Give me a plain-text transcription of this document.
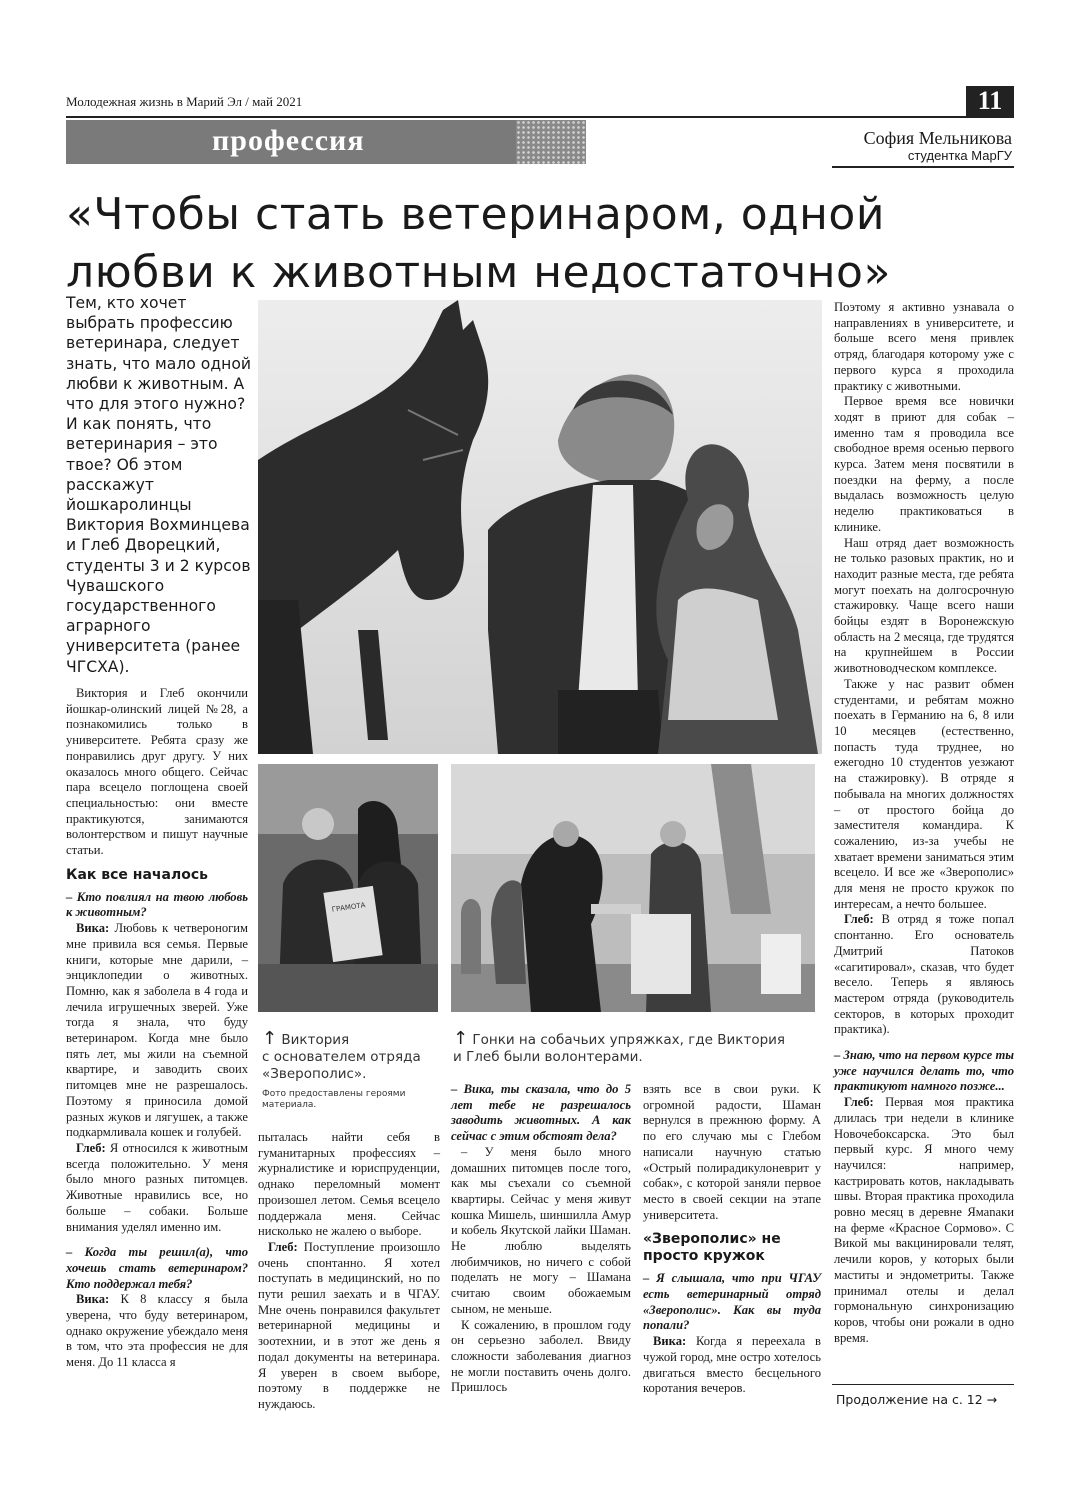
Молодежная жизнь в Марий Эл / май 2021	11
профессия	София Мельникова
студентка МарГУ
«Чтобы стать ветеринаром, одной любви к животным недостаточно»
Тем, кто хочет выбрать профессию ветеринара, следует знать, что мало одной любви к животным. А что для этого нужно? И как понять, что ветеринария – это твое? Об этом расскажут йошкаролинцы Виктория Вохминцева и Глеб Дворецкий, студенты 3 и 2 курсов Чувашского государственного аграрного университета (ранее ЧГСХА).
ГРАМОТА
↑ Виктория
с основателем отряда
«Зверополис».
Фото предоставлены героями материала.
↑ Гонки на собачьих упряжках, где Виктория
и Глеб были волонтерами.

Виктория и Глеб окончили йошкар-олинский лицей №28, а познакомились только в университете. Ребята сразу же понравились друг другу. У них оказалось много общего. Сейчас пара всецело поглощена своей специальностью: они вместе практикуются, занимаются волонтерством и пишут научные статьи.

Как все началось

– Кто повлиял на твою любовь к животным?

Вика: Любовь к четвероногим мне привила вся семья. Первые книги, которые мне дарили, – энциклопедии о животных. Помню, как я заболела в 4 года и лечила игрушечных зверей. Уже тогда я знала, что буду ветеринаром. Когда мне было пять лет, мы жили на съемной квартире, и заводить своих питомцев мне не разрешалось. Поэтому я приносила домой разных жуков и лягушек, а также подкармливала кошек и голубей.

Глеб: Я относился к животным всегда положительно. У меня было много разных питомцев. Животные нравились все, но больше – собаки. Больше внимания уделял именно им.

– Когда ты решил(а), что хочешь стать ветеринаром? Кто поддержал тебя?

Вика: К 8 классу я была уверена, что буду ветеринаром, однако окружение убеждало меня в том, что эта профессия не для меня. До 11 класса я

пыталась найти себя в гуманитарных профессиях – журналистике и юриспруденции, однако переломный момент произошел летом. Семья всецело поддержала меня. Сейчас нисколько не жалею о выборе.

Глеб: Поступление произошло очень спонтанно. Я хотел поступать в медицинский, но по пути решил заехать и в ЧГАУ. Мне очень понравился факультет ветеринарной медицины и зоотехнии, и в этот же день я подал документы на ветеринара. Я уверен в своем выборе, поэтому в поддержке не нуждаюсь.

– Вика, ты сказала, что до 5 лет тебе не разрешалось заводить животных. А как сейчас с этим обстоят дела?

– У меня было много домашних питомцев после того, как мы съехали со съемной квартиры. Сейчас у меня живут кошка Мишель, шиншилла Амур и кобель Якутской лайки Шаман. Не люблю выделять любимчиков, но ничего с собой поделать не могу – Шамана считаю своим обожаемым сыном, не меньше.

К сожалению, в прошлом году он серьезно заболел. Ввиду сложности заболевания диагноз не могли поставить очень долго. Пришлось

взять все в свои руки. К огромной радости, Шаман вернулся в прежнюю форму. А по его случаю мы с Глебом написали научную статью «Острый полирадикулоневрит у собак», с которой заняли первое место в своей секции на этапе университета.

«Зверополис» не просто кружок

– Я слышала, что при ЧГАУ есть ветеринарный отряд «Зверополис». Как вы туда попали?

Вика: Когда я переехала в чужой город, мне остро хотелось двигаться вместо бесцельного коротания вечеров.

Поэтому я активно узнавала о направлениях в университете, и больше всего меня привлек отряд, благодаря которому уже с первого курса я проходила практику с животными.

Первое время все новички ходят в приют для собак – именно там я проводила все свободное время осенью первого курса. Затем меня посвятили в поездки на ферму, а после выдалась возможность целую неделю практиковаться в клинике.

Наш отряд дает возможность не только разовых практик, но и находит разные места, где ребята могут поехать на долгосрочную стажировку. Чаще всего наши бойцы ездят в Воронежскую область на 2 месяца, где трудятся на крупнейшем в России животноводческом комплексе.

Также у нас развит обмен студентами, и ребятам можно поехать в Германию на 6, 8 или 10 месяцев (естественно, попасть туда труднее, но ежегодно 10 студентов уезжают на стажировку). В отряде я побывала на многих должностях – от простого бойца до заместителя командира. К сожалению, из-за учебы не хватает времени заниматься этим всецело. И все же «Зверополис» для меня не просто кружок по интересам, а нечто большее.

Глеб: В отряд я тоже попал спонтанно. Его основатель Дмитрий Патоков «сагитировал», сказав, что будет весело. Теперь я являюсь мастером отряда (руководитель секторов, в которых проходит практика).

– Знаю, что на первом курсе ты уже научился делать то, что практикуют намного позже...

Глеб: Первая моя практика длилась три недели в клинике Новочебоксарска. Это был первый курс. Я много чему научился: например, кастрировать котов, накладывать швы. Вторая практика проходила ровно месяц в деревне Ямаnаки на ферме «Красное Сормово». С Викой мы вакцинировали телят, лечили коров, у которых были маститы и эндометриты. Также принимал отелы и делал гормональную синхронизацию коров, чтобы они рожали в одно время.

Продолжение на с. 12 →
